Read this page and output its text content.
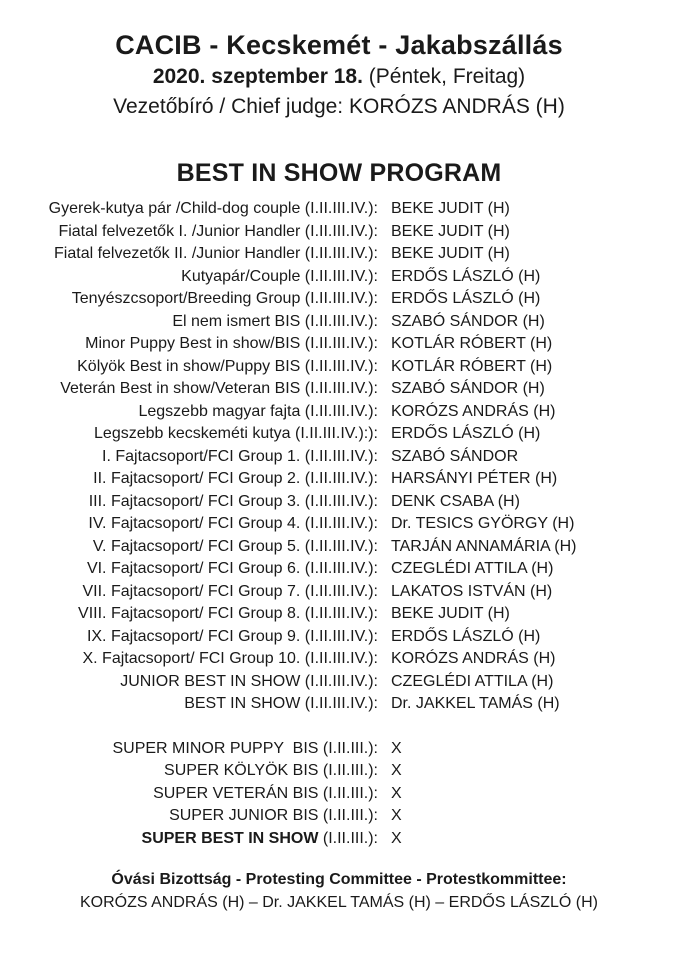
CACIB - Kecskemét - Jakabszállás

2020. szeptember 18. (Péntek, Freitag)

Vezetőbíró / Chief judge: KORÓZS ANDRÁS (H)

BEST IN SHOW PROGRAM
Gyerek-kutya pár /Child-dog couple (I.II.III.IV.): BEKE JUDIT (H)
Fiatal felvezetők I. /Junior Handler (I.II.III.IV.): BEKE JUDIT (H)
Fiatal felvezetők II. /Junior Handler (I.II.III.IV.): BEKE JUDIT (H)
Kutyapár/Couple (I.II.III.IV.): ERDŐS LÁSZLÓ (H)
Tenyészcsoport/Breeding Group (I.II.III.IV.): ERDŐS LÁSZLÓ (H)
El nem ismert BIS (I.II.III.IV.): SZABÓ SÁNDOR (H)
Minor Puppy Best in show/BIS (I.II.III.IV.): KOTLÁR RÓBERT (H)
Kölyök Best in show/Puppy BIS (I.II.III.IV.): KOTLÁR RÓBERT (H)
Veterán Best in show/Veteran BIS (I.II.III.IV.): SZABÓ SÁNDOR (H)
Legszebb magyar fajta (I.II.III.IV.): KORÓZS ANDRÁS (H)
Legszebb kecskeméti kutya (I.II.III.IV.):): ERDŐS LÁSZLÓ (H)
I. Fajtacsoport/FCI Group 1. (I.II.III.IV.): SZABÓ SÁNDOR
II. Fajtacsoport/ FCI Group 2. (I.II.III.IV.): HARSÁNYI PÉTER (H)
III. Fajtacsoport/ FCI Group 3. (I.II.III.IV.): DENK CSABA (H)
IV. Fajtacsoport/ FCI Group 4. (I.II.III.IV.): Dr. TESICS GYÖRGY (H)
V. Fajtacsoport/ FCI Group 5. (I.II.III.IV.): TARJÁN ANNAMÁRIA (H)
VI. Fajtacsoport/ FCI Group 6. (I.II.III.IV.): CZEGLÉDI ATTILA (H)
VII. Fajtacsoport/ FCI Group 7. (I.II.III.IV.): LAKATOS ISTVÁN (H)
VIII. Fajtacsoport/ FCI Group 8. (I.II.III.IV.): BEKE JUDIT (H)
IX. Fajtacsoport/ FCI Group 9. (I.II.III.IV.): ERDŐS LÁSZLÓ (H)
X. Fajtacsoport/ FCI Group 10. (I.II.III.IV.): KORÓZS ANDRÁS (H)
JUNIOR BEST IN SHOW (I.II.III.IV.): CZEGLÉDI ATTILA (H)
BEST IN SHOW (I.II.III.IV.): Dr. JAKKEL TAMÁS (H)
SUPER MINOR PUPPY  BIS (I.II.III.): X
SUPER KÖLYÖK BIS (I.II.III.): X
SUPER VETERÁN BIS (I.II.III.): X
SUPER JUNIOR BIS (I.II.III.): X
SUPER BEST IN SHOW (I.II.III.): X

Óvási Bizottság - Protesting Committee - Protestkommittee:

KORÓZS ANDRÁS (H) – Dr. JAKKEL TAMÁS (H) – ERDŐS LÁSZLÓ (H)
